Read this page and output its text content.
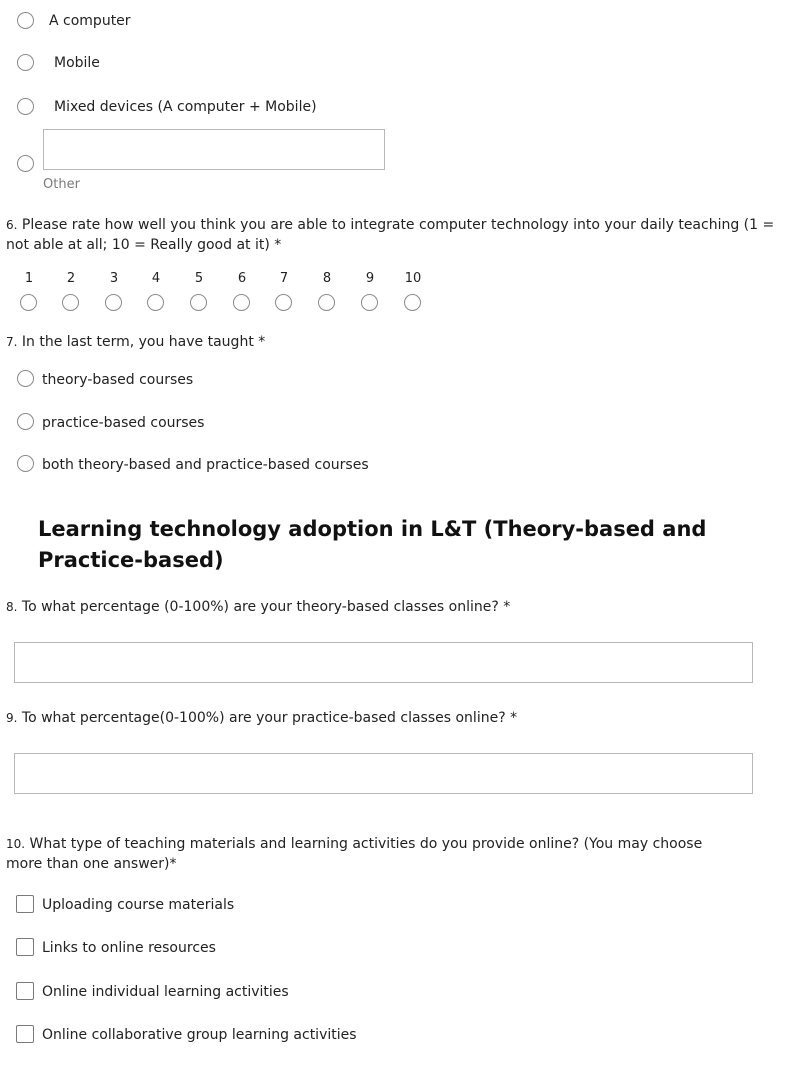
A computer
Mobile
Mixed devices (A computer + Mobile)
Other
6. Please rate how well you think you are able to integrate computer technology into your daily teaching (1 = not able at all; 10 = Really good at it) *
1	2	3	4	5	6	7	8	9	10
7. In the last term, you have taught *
theory-based courses
practice-based courses
both theory-based and practice-based courses
Learning technology adoption in L&T (Theory-based and Practice-based)
8. To what percentage (0-100%) are your theory-based classes online? *
9. To what percentage(0-100%) are your practice-based classes online? *
10. What type of teaching materials and learning activities do you provide online? (You may choose more than one answer)*
Uploading course materials
Links to online resources
Online individual learning activities
Online collaborative group learning activities
